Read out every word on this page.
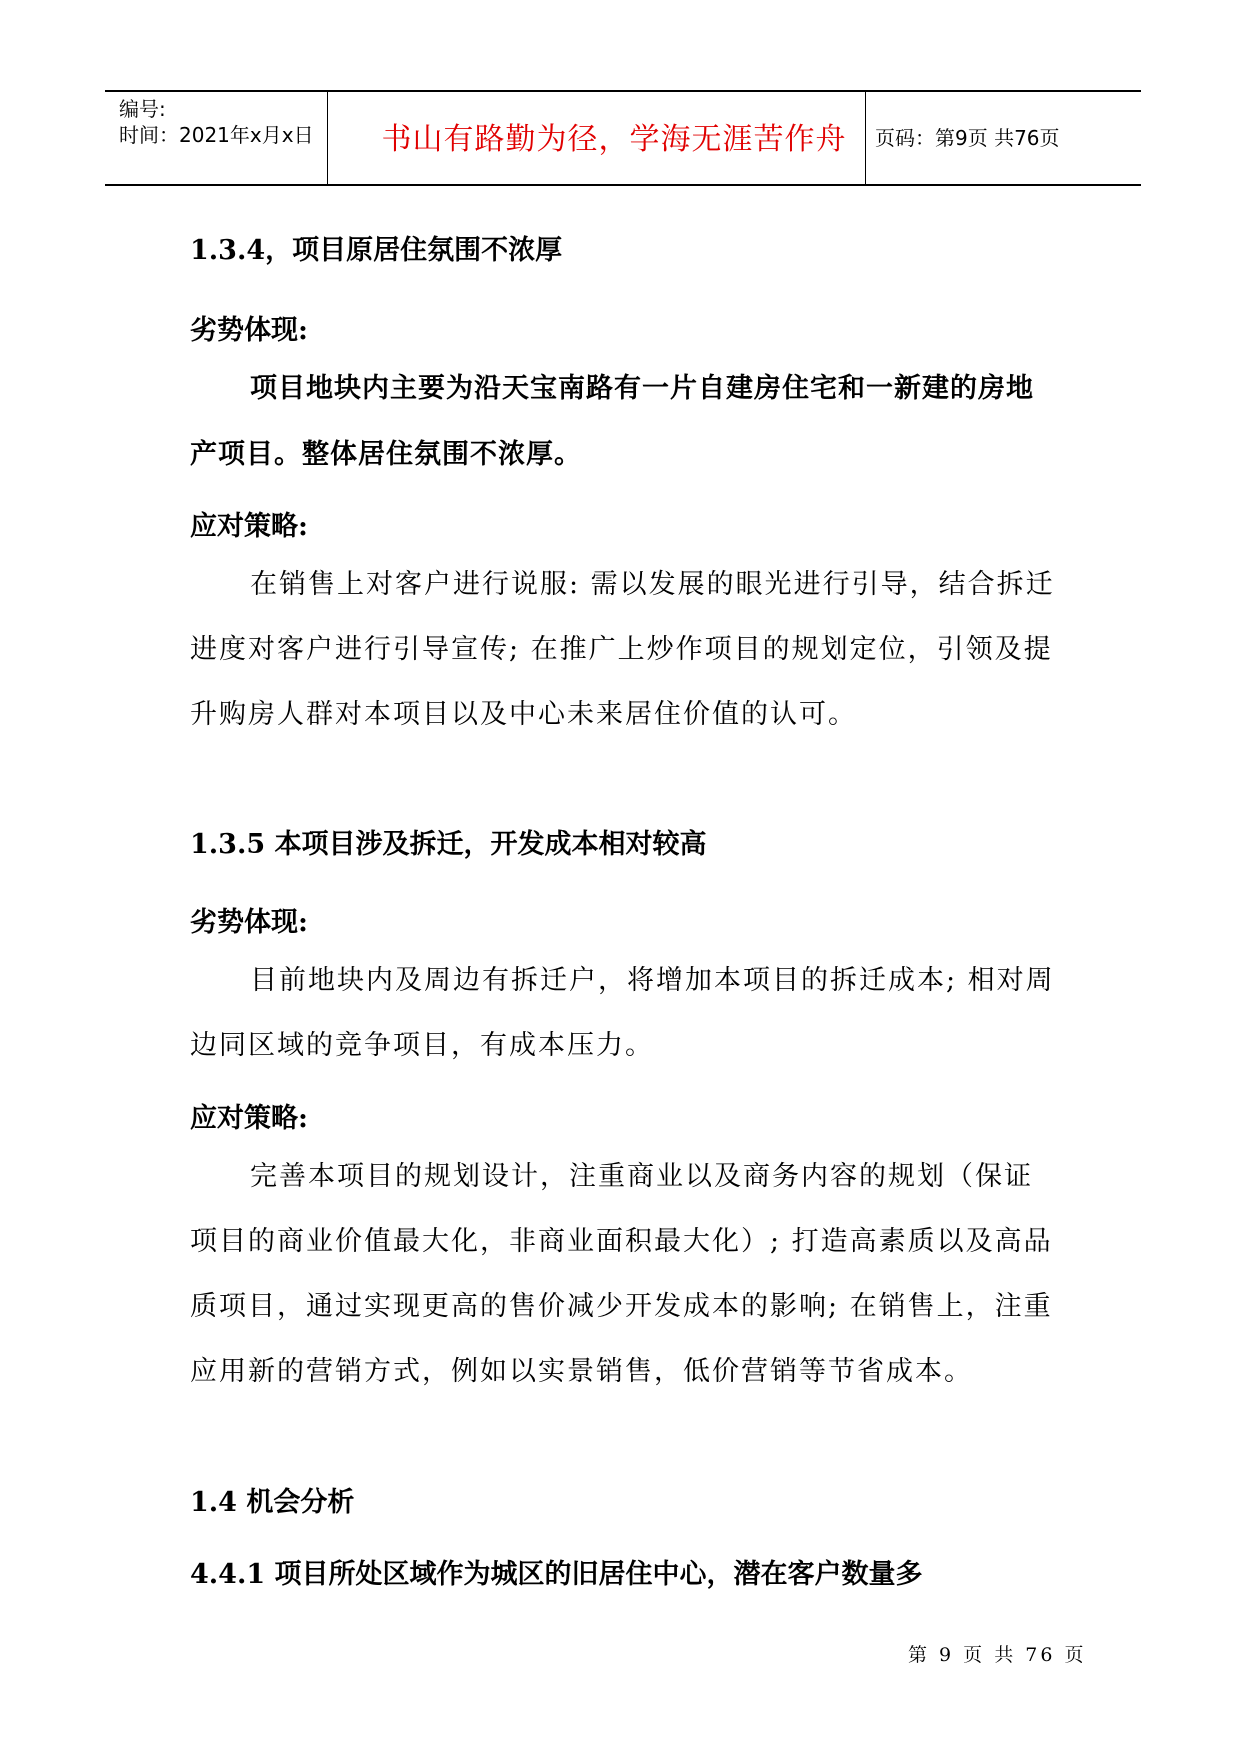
编号:
时间：2021年x月x日	书山有路勤为径，学海无涯苦作舟	页码：第9页 共76页
1.3.4，项目原居住氛围不浓厚
劣势体现:
项目地块内主要为沿天宝南路有一片自建房住宅和一新建的房地产项目。整体居住氛围不浓厚。
应对策略:
在销售上对客户进行说服: 需以发展的眼光进行引导，结合拆迁进度对客户进行引导宣传; 在推广上炒作项目的规划定位，引领及提升购房人群对本项目以及中心未来居住价值的认可。
1.3.5 本项目涉及拆迁，开发成本相对较高
劣势体现:
目前地块内及周边有拆迁户，将增加本项目的拆迁成本; 相对周边同区域的竞争项目，有成本压力。
应对策略:
完善本项目的规划设计，注重商业以及商务内容的规划（保证项目的商业价值最大化，非商业面积最大化）; 打造高素质以及高品质项目，通过实现更高的售价减少开发成本的影响; 在销售上，注重应用新的营销方式，例如以实景销售，低价营销等节省成本。
1.4 机会分析
4.4.1 项目所处区域作为城区的旧居住中心，潜在客户数量多
第 9 页 共 76 页
